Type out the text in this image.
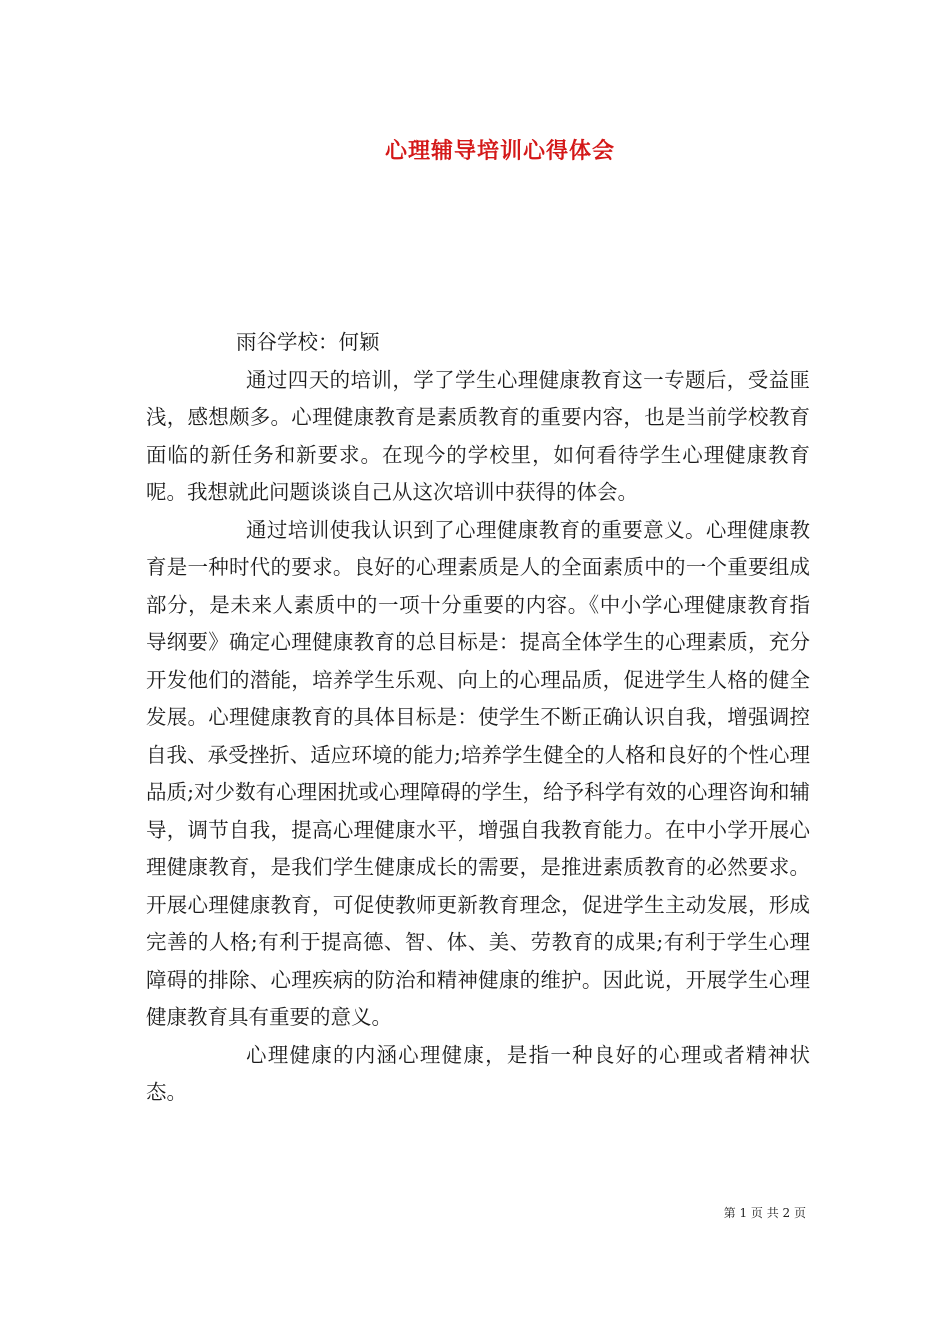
心理辅导培训心得体会

雨谷学校：何颖

通过四天的培训，学了学生心理健康教育这一专题后，受益匪浅，感想颇多。心理健康教育是素质教育的重要内容，也是当前学校教育面临的新任务和新要求。在现今的学校里，如何看待学生心理健康教育呢。我想就此问题谈谈自己从这次培训中获得的体会。

通过培训使我认识到了心理健康教育的重要意义。心理健康教育是一种时代的要求。良好的心理素质是人的全面素质中的一个重要组成部分，是未来人素质中的一项十分重要的内容。《中小学心理健康教育指导纲要》确定心理健康教育的总目标是：提高全体学生的心理素质，充分开发他们的潜能，培养学生乐观、向上的心理品质，促进学生人格的健全发展。心理健康教育的具体目标是：使学生不断正确认识自我，增强调控自我、承受挫折、适应环境的能力;培养学生健全的人格和良好的个性心理品质;对少数有心理困扰或心理障碍的学生，给予科学有效的心理咨询和辅导，调节自我，提高心理健康水平，增强自我教育能力。在中小学开展心理健康教育，是我们学生健康成长的需要，是推进素质教育的必然要求。开展心理健康教育，可促使教师更新教育理念，促进学生主动发展，形成完善的人格;有利于提高德、智、体、美、劳教育的成果;有利于学生心理障碍的排除、心理疾病的防治和精神健康的维护。因此说，开展学生心理健康教育具有重要的意义。

心理健康的内涵心理健康，是指一种良好的心理或者精神状态。

第 1 页 共 2 页
